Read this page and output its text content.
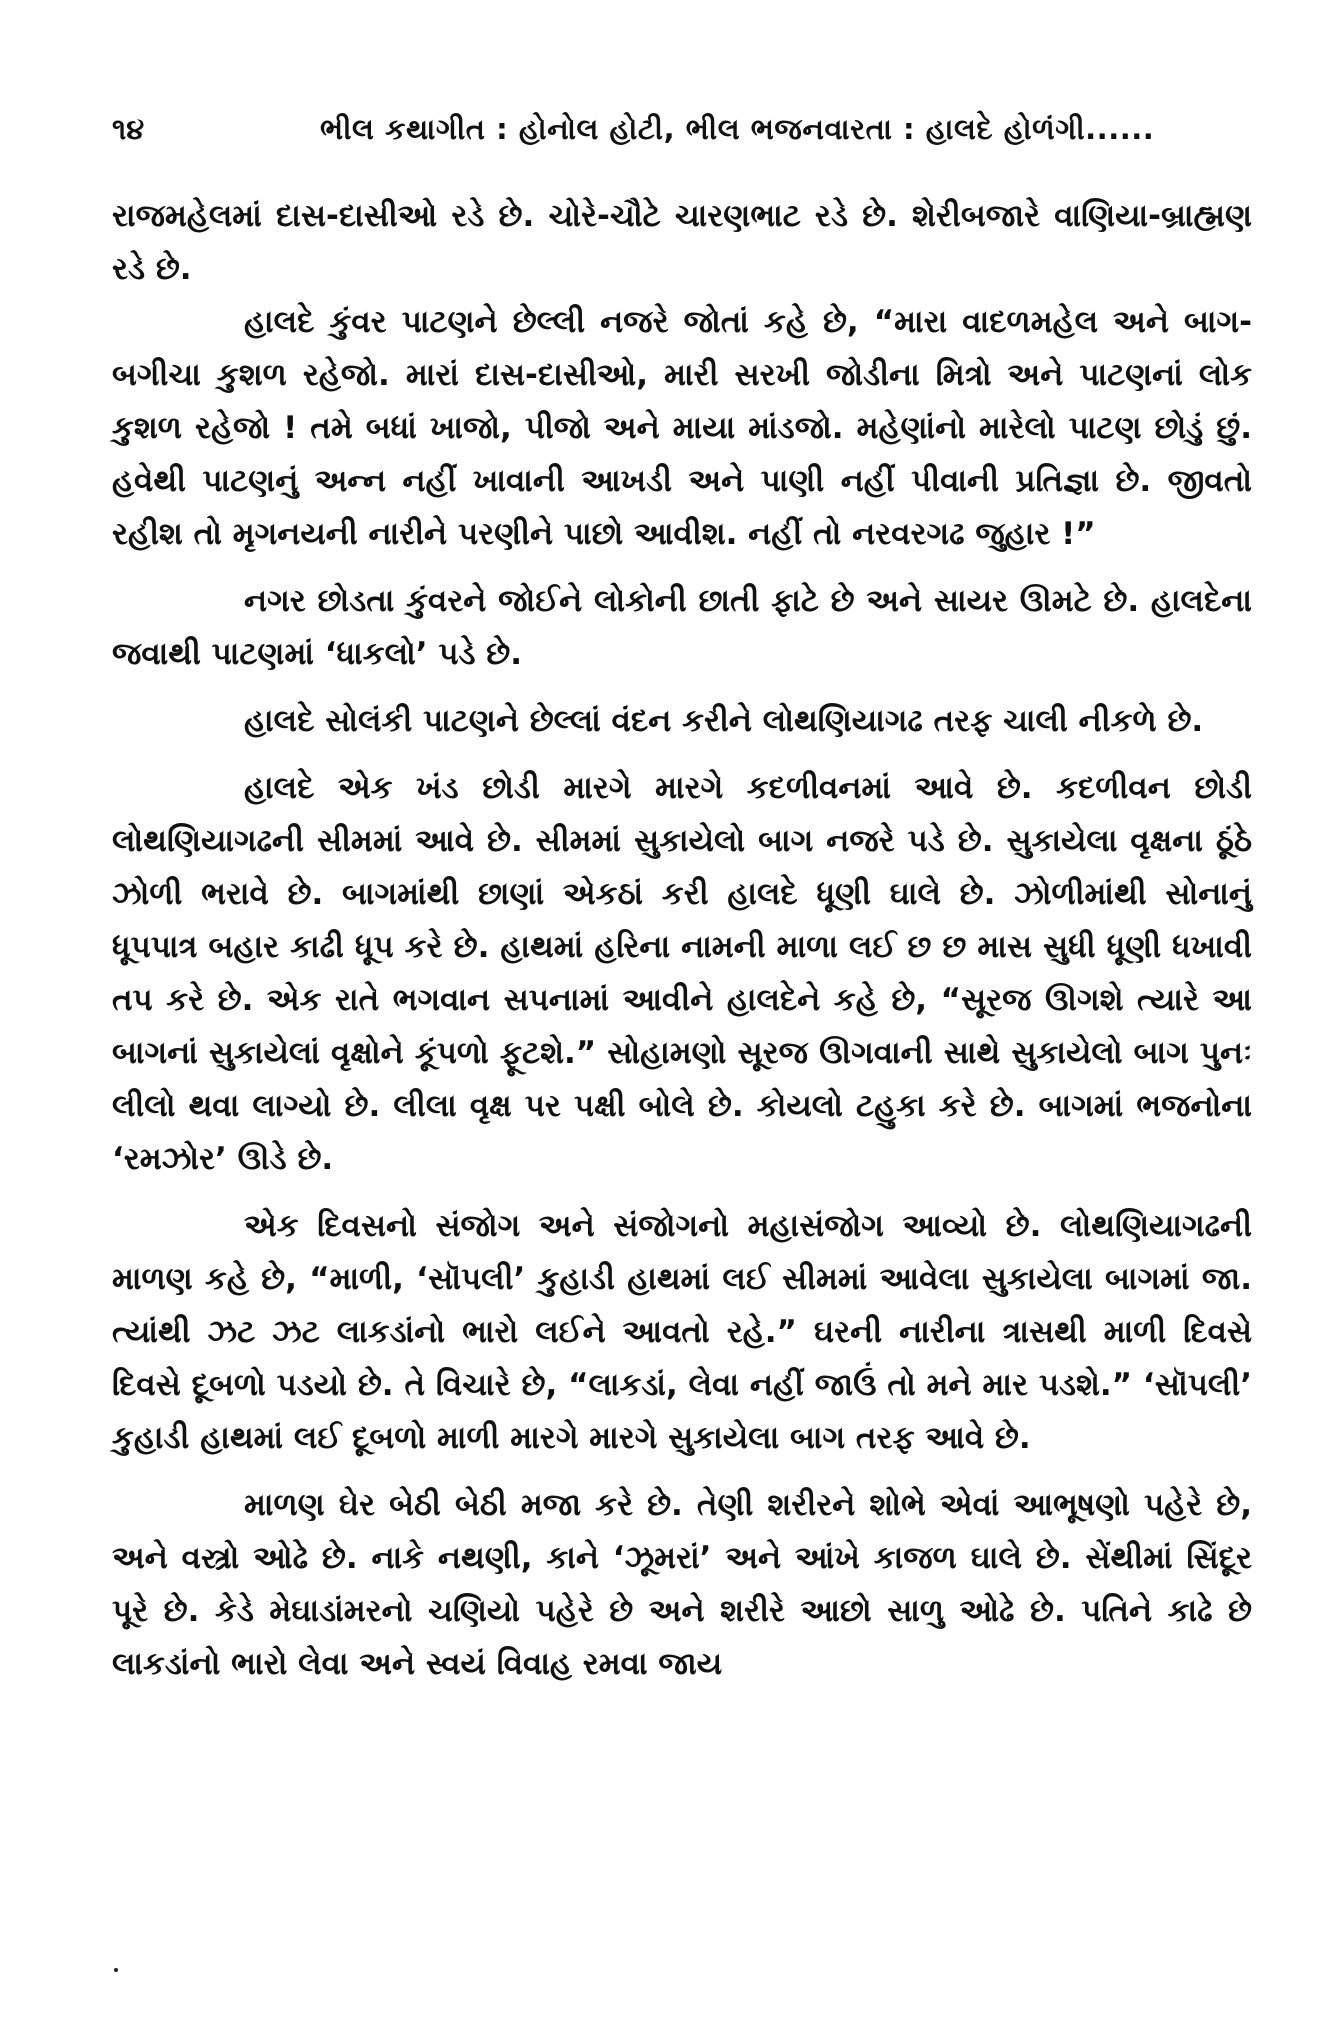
૧૪	ભીલ કથાગીત : હોનોલ હોટી, ભીલ ભજનવારતા : હાલદે હોળંગી......

રાજમહેલમાં દાસ-દાસીઓ રડે છે. ચોરે-ચૌટે ચારણભાટ રડે છે. શેરીબજારે વાણિયા-બ્રાહ્મણ રડે છે.

હાલદે કુંવર પાટણને છેલ્લી નજરે જોતાં કહે છે, “મારા વાદળમહેલ અને બાગ-બગીચા કુશળ રહેજો. મારાં દાસ-દાસીઓ, મારી સરખી જોડીના મિત્રો અને પાટણનાં લોક કુશળ રહેજો ! તમે બધાં ખાજો, પીજો અને માયા માંડજો. મહેણાંનો મારેલો પાટણ છોડું છું. હવેથી પાટણનું અન્ન નહીં ખાવાની આખડી અને પાણી નહીં પીવાની પ્રતિજ્ઞા છે. જીવતો રહીશ તો મૃગનયની નારીને પરણીને પાછો આવીશ. નહીં તો નરવરગઢ જુહાર !”

નગર છોડતા કુંવરને જોઈને લોકોની છાતી ફાટે છે અને સાયર ઊમટે છે. હાલદેના જવાથી પાટણમાં ‘ધાકલો’ પડે છે.

હાલદે સોલંકી પાટણને છેલ્લાં વંદન કરીને લોથણિયાગઢ તરફ ચાલી નીકળે છે.

હાલદે એક ખંડ છોડી મારગે મારગે કદળીવનમાં આવે છે. કદળીવન છોડી લોથણિયાગઢની સીમમાં આવે છે. સીમમાં સુકાયેલો બાગ નજરે પડે છે. સુકાયેલા વૃક્ષના ઠૂંઠે ઝોળી ભરાવે છે. બાગમાંથી છાણાં એકઠાં કરી હાલદે ધૂણી ઘાલે છે. ઝોળીમાંથી સોનાનું ધૂપપાત્ર બહાર કાઢી ધૂપ કરે છે. હાથમાં હરિના નામની માળા લઈ છ છ માસ સુધી ધૂણી ધખાવી તપ કરે છે. એક રાતે ભગવાન સપનામાં આવીને હાલદેને કહે છે, “સૂરજ ઊગશે ત્યારે આ બાગનાં સુકાયેલાં વૃક્ષોને કૂંપળો ફૂટશે.” સોહામણો સૂરજ ઊગવાની સાથે સુકાયેલો બાગ પુનઃ લીલો થવા લાગ્યો છે. લીલા વૃક્ષ પર પક્ષી બોલે છે. કોયલો ટહુકા કરે છે. બાગમાં ભજનોના ‘રમઝોર’ ઊડે છે.

એક દિવસનો સંજોગ અને સંજોગનો મહાસંજોગ આવ્યો છે. લોથણિયાગઢની માળણ કહે છે, “માળી, ‘સૉપલી’ કુહાડી હાથમાં લઈ સીમમાં આવેલા સુકાયેલા બાગમાં જા. ત્યાંથી ઝટ ઝટ લાકડાંનો ભારો લઈને આવતો રહે.” ઘરની નારીના ત્રાસથી માળી દિવસે દિવસે દૂબળો પડયો છે. તે વિચારે છે, “લાકડાં, લેવા નહીં જાઉં તો મને માર પડશે.” ‘સૉપલી’ કુહાડી હાથમાં લઈ દૂબળો માળી મારગે મારગે સુકાયેલા બાગ તરફ આવે છે.

માળણ ઘેર બેઠી બેઠી મજા કરે છે. તેણી શરીરને શોભે એવાં આભૂષણો પહેરે છે, અને વસ્ત્રો ઓઢે છે. નાકે નથણી, કાને ‘ઝૂમરાં’ અને આંખે કાજળ ઘાલે છે. સેંથીમાં સિંદૂર પૂરે છે. કેડે મેઘાડાંમરનો ચણિયો પહેરે છે અને શરીરે આછો સાળુ ઓઢે છે. પતિને કાઢે છે લાકડાંનો ભારો લેવા અને સ્વયં વિવાહ રમવા જાય
